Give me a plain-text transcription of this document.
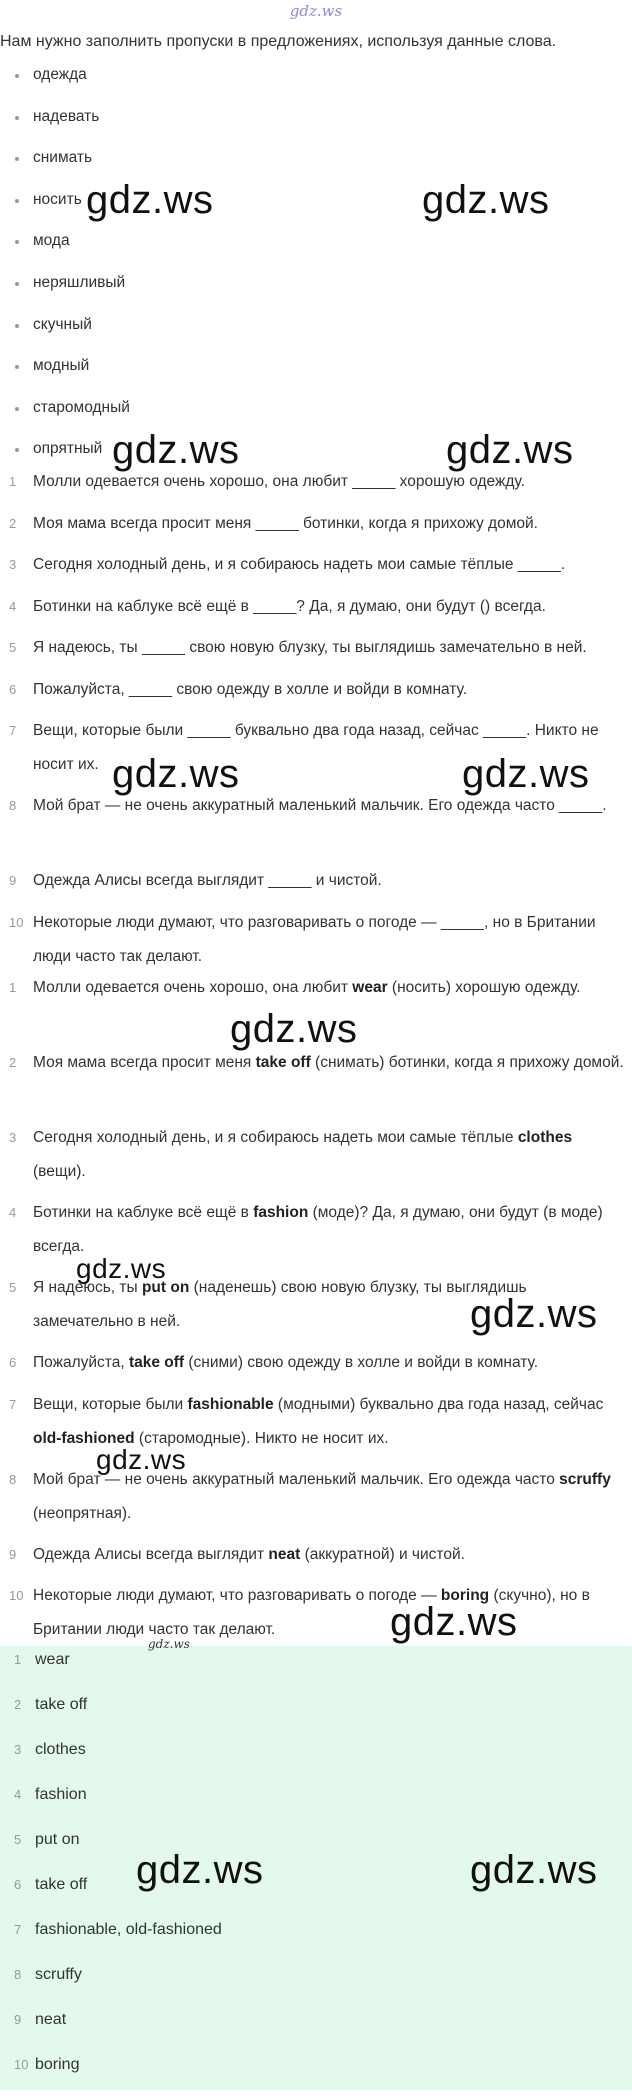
gdz.ws
Нам нужно заполнить пропуски в предложениях, используя данные слова.
одежда
надевать
снимать
носить
мода
неряшливый
скучный
модный
старомодный
опрятный
1 Молли одевается очень хорошо, она любит _____ хорошую одежду.
2 Моя мама всегда просит меня _____ ботинки, когда я прихожу домой.
3 Сегодня холодный день, и я собираюсь надеть мои самые тёплые _____.
4 Ботинки на каблуке всё ещё в _____? Да, я думаю, они будут () всегда.
5 Я надеюсь, ты _____ свою новую блузку, ты выглядишь замечательно в ней.
6 Пожалуйста, _____ свою одежду в холле и войди в комнату.
7 Вещи, которые были _____ буквально два года назад, сейчас _____. Никто не носит их.
8 Мой брат — не очень аккуратный маленький мальчик. Его одежда часто _____.
9 Одежда Алисы всегда выглядит _____ и чистой.
10 Некоторые люди думают, что разговаривать о погоде — _____, но в Британии люди часто так делают.
1 Молли одевается очень хорошо, она любит wear (носить) хорошую одежду.
2 Моя мама всегда просит меня take off (снимать) ботинки, когда я прихожу домой.
3 Сегодня холодный день, и я собираюсь надеть мои самые тёплые clothes (вещи).
4 Ботинки на каблуке всё ещё в fashion (моде)? Да, я думаю, они будут (в моде) всегда.
5 Я надеюсь, ты put on (наденешь) свою новую блузку, ты выглядишь замечательно в ней.
6 Пожалуйста, take off (сними) свою одежду в холле и войди в комнату.
7 Вещи, которые были fashionable (модными) буквально два года назад, сейчас old-fashioned (старомодные). Никто не носит их.
8 Мой брат — не очень аккуратный маленький мальчик. Его одежда часто scruffy (неопрятная).
9 Одежда Алисы всегда выглядит neat (аккуратной) и чистой.
10 Некоторые люди думают, что разговаривать о погоде — boring (скучно), но в Британии люди часто так делают.
1 wear
2 take off
3 clothes
4 fashion
5 put on
6 take off
7 fashionable, old-fashioned
8 scruffy
9 neat
10 boring
gdz.ws	gdz.ws
gdz.ws	gdz.ws
gdz.ws	gdz.ws
gdz.ws
gdz.ws
gdz.ws
gdz.ws
gdz.ws
gdz.ws
gdz.ws	gdz.ws
